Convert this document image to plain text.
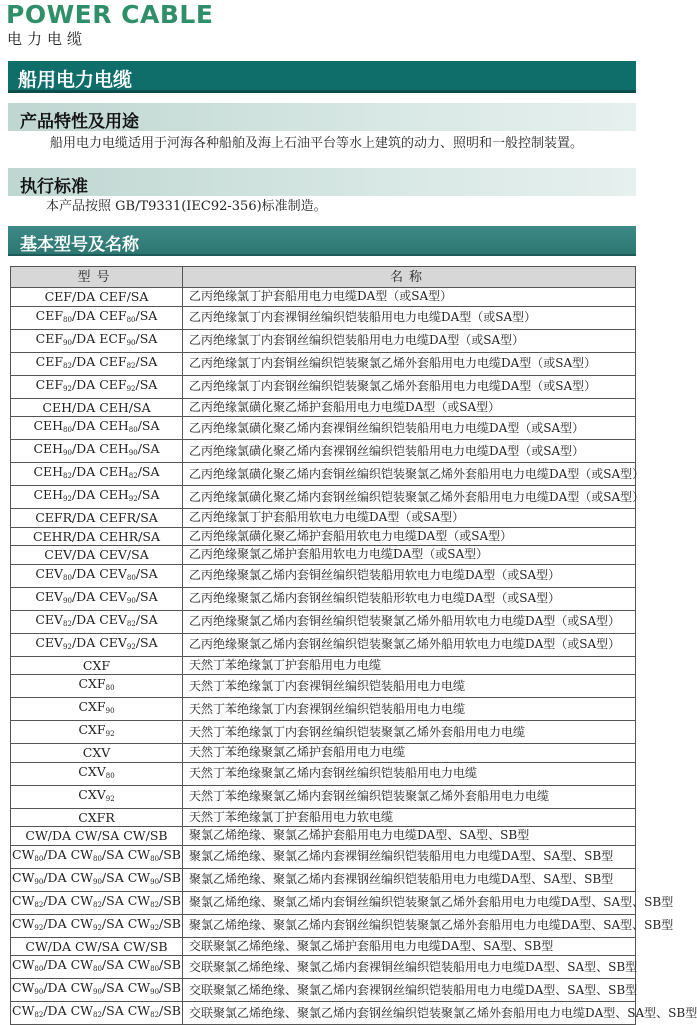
POWER CABLE
电力电缆
船用电力电缆
产品特性及用途
船用电力电缆适用于河海各种船舶及海上石油平台等水上建筑的动力、照明和一般控制装置。
执行标准
本产品按照 GB/T9331(IEC92-356)标准制造。
基本型号及名称
型号	名称
CEF/DA CEF/SA	乙丙绝缘氯丁护套船用电力电缆DA型（或SA型）
$CEF_{80}/DA$ $CEF_{80}/SA$	乙丙绝缘氯丁内套裸铜丝编织铠装船用电力电缆DA型（或SA型）
$CEF_{90}/DA$ $ECF_{90}/SA$	乙丙绝缘氯丁内套钢丝编织铠装船用电力电缆DA型（或SA型）
$CEF_{82}/DA$ $CEF_{82}/SA$	乙丙绝缘氯丁内套铜丝编织铠装聚氯乙烯外套船用电力电缆DA型（或SA型）
$CEF_{92}/DA$ $CEF_{92}/SA$	乙丙绝缘氯丁内套钢丝编织铠装聚氯乙烯外套船用电力电缆DA型（或SA型）
CEH/DA CEH/SA	乙丙绝缘氯磺化聚乙烯护套船用电力电缆DA型（或SA型）
$CEH_{80}/DA$ $CEH_{80}/SA$	乙丙绝缘氯磺化聚乙烯内套裸铜丝编织铠装船用电力电缆DA型（或SA型）
$CEH_{90}/DA$ $CEH_{90}/SA$	乙丙绝缘氯磺化聚乙烯内套裸钢丝编织铠装船用电力电缆DA型（或SA型）
$CEH_{82}/DA$ $CEH_{82}/SA$	乙丙绝缘氯磺化聚乙烯内套铜丝编织铠装聚氯乙烯外套船用电力电缆DA型（或SA型）
$CEH_{92}/DA$ $CEH_{92}/SA$	乙丙绝缘氯磺化聚乙烯内套钢丝编织铠装聚氯乙烯外套船用电力电缆DA型（或SA型）
CEFR/DA CEFR/SA	乙丙绝缘氯丁护套船用软电力电缆DA型（或SA型）
CEHR/DA CEHR/SA	乙丙绝缘氯磺化聚乙烯护套船用软电力电缆DA型（或SA型）
CEV/DA CEV/SA	乙丙绝缘聚氯乙烯护套船用软电力电缆DA型（或SA型）
$CEV_{80}/DA$ $CEV_{80}/SA$	乙丙绝缘聚氯乙烯内套铜丝编织铠装船用软电力电缆DA型（或SA型）
$CEV_{90}/DA$ $CEV_{90}/SA$	乙丙绝缘聚氯乙烯内套钢丝编织铠装船形软电力电缆DA型（或SA型）
$CEV_{82}/DA$ $CEV_{82}/SA$	乙丙绝缘聚氯乙烯内套铜丝编织铠装聚氯乙烯外船用软电力电缆DA型（或SA型）
$CEV_{92}/DA$ $CEV_{92}/SA$	乙丙绝缘聚氯乙烯内套钢丝编织铠装聚氯乙烯外船用软电力电缆DA型（或SA型）
CXF	天然丁苯绝缘氯丁护套船用电力电缆
$CXF_{80}$	天然丁苯绝缘氯丁内套裸铜丝编织铠装船用电力电缆
$CXF_{90}$	天然丁苯绝缘氯丁内套裸钢丝编织铠装船用电力电缆
$CXF_{92}$	天然丁苯绝缘氯丁内套钢丝编织铠装聚氯乙烯外套船用电力电缆
CXV	天然丁苯绝缘聚氯乙烯护套船用电力电缆
$CXV_{80}$	天然丁苯绝缘聚氯乙烯内套钢丝编织铠装船用电力电缆
$CXV_{92}$	天然丁苯绝缘聚氯乙烯内套钢丝编织铠装聚氯乙烯外套船用电力电缆
CXFR	天然丁苯绝缘氯丁护套船用电力软电缆
CW/DA CW/SA CW/SB	聚氯乙烯绝缘、聚氯乙烯护套船用电力电缆DA型、SA型、SB型
$CW_{80}/DA$ $CW_{80}/SA$ $CW_{80}/SB$	聚氯乙烯绝缘、聚氯乙烯内套裸铜丝编织铠装船用电力电缆DA型、SA型、SB型
$CW_{90}/DA$ $CW_{90}/SA$ $CW_{90}/SB$	聚氯乙烯绝缘、聚氯乙烯内套裸钢丝编织铠装船用电力电缆DA型、SA型、SB型
$CW_{82}/DA$ $CW_{82}/SA$ $CW_{82}/SB$	聚氯乙烯绝缘、聚氯乙烯内套铜丝编织铠装聚氯乙烯外套船用电力电缆DA型、SA型、SB型
$CW_{92}/DA$ $CW_{92}/SA$ $CW_{92}/SB$	聚氯乙烯绝缘、聚氯乙烯内套钢丝编织铠装聚氯乙烯外套船用电力电缆DA型、SA型、SB型
CW/DA CW/SA CW/SB	交联聚氯乙烯绝缘、聚氯乙烯护套船用电力电缆DA型、SA型、SB型
$CW_{80}/DA$ $CW_{80}/SA$ $CW_{80}/SB$	交联聚氯乙烯绝缘、聚氯乙烯内套裸铜丝编织铠装船用电力电缆DA型、SA型、SB型
$CW_{90}/DA$ $CW_{90}/SA$ $CW_{90}/SB$	交联聚氯乙烯绝缘、聚氯乙烯内套裸钢丝编织铠装船用电力电缆DA型、SA型、SB型
$CW_{82}/DA$ $CW_{82}/SA$ $CW_{82}/SB$	交联聚氯乙烯绝缘、聚氯乙烯内套钢丝编织铠装聚氯乙烯外套船用电力电缆DA型、SA型、SB型
